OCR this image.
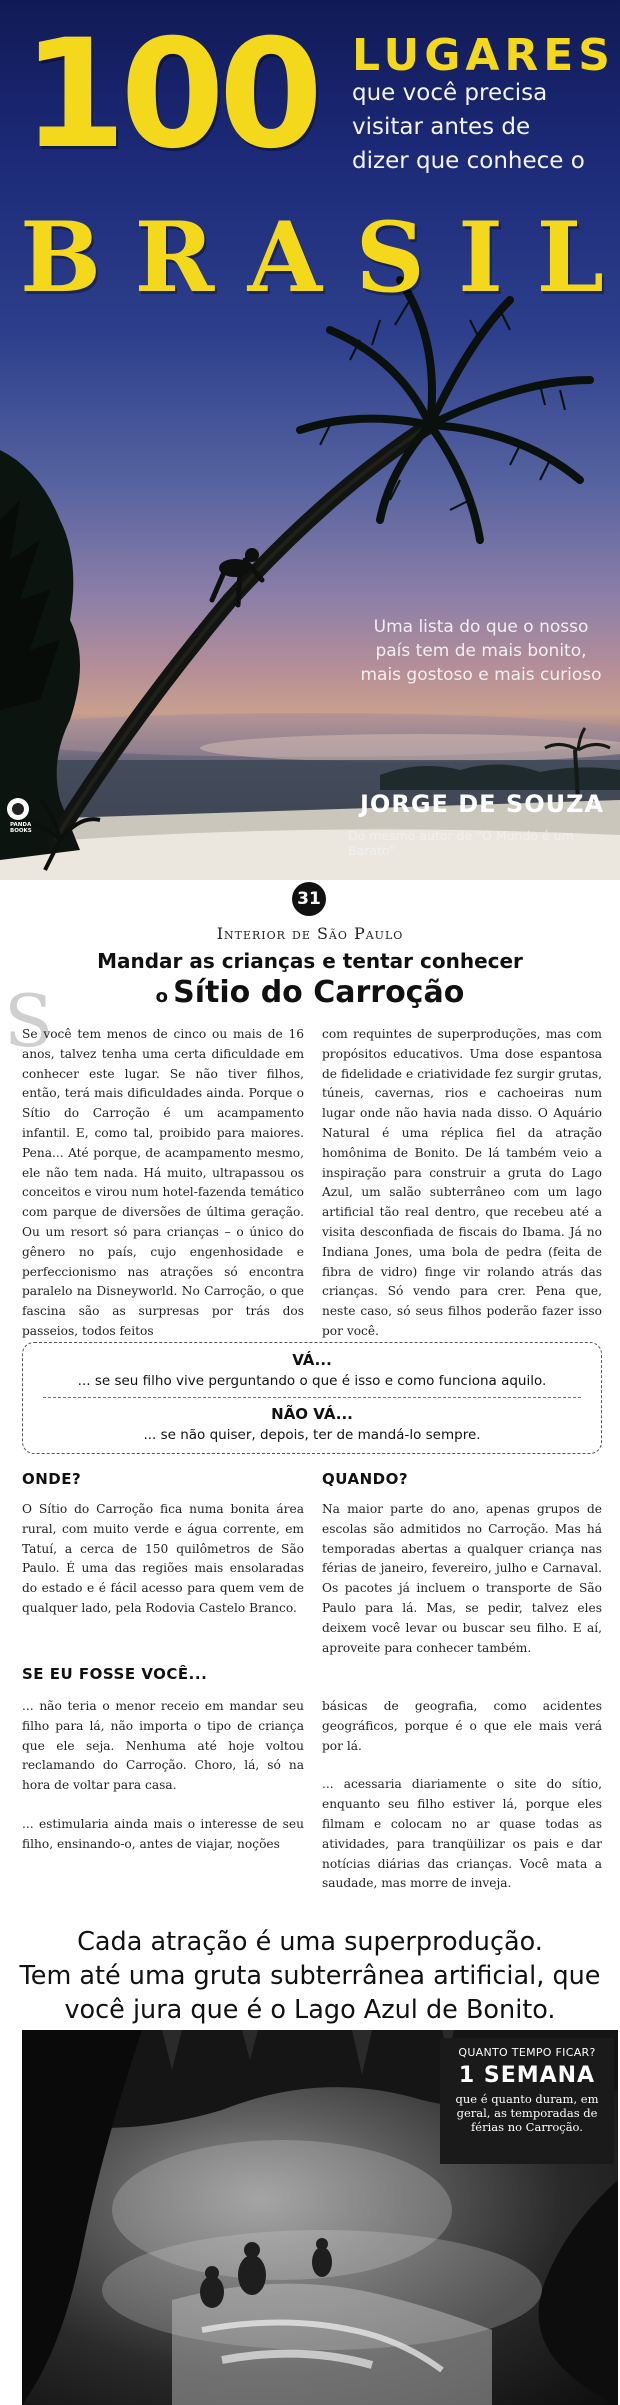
100 LUGARES
que você precisa
visitar antes de
dizer que conhece o
B R A S I L
Uma lista do que o nosso
país tem de mais bonito,
mais gostoso e mais curioso
JORGE DE SOUZA
Do mesmo autor de "O Mundo é um Barato"
PANDA BOOKS
31
Interior de São Paulo
Mandar as crianças e tentar conhecer
o Sítio do Carroção
S

Se você tem menos de cinco ou mais de 16 anos, talvez tenha uma certa dificuldade em conhecer este lugar. Se não tiver filhos, então, terá mais dificuldades ainda. Porque o Sítio do Carroção é um acampamento infantil. E, como tal, proibido para maiores. Pena... Até porque, de acampamento mesmo, ele não tem nada. Há muito, ultrapassou os conceitos e virou num hotel-fazenda temático com parque de diversões de última geração. Ou um resort só para crianças – o único do gênero no país, cujo engenhosidade e perfeccionismo nas atrações só encontra paralelo na Disneyworld. No Carroção, o que fascina são as surpresas por trás dos passeios, todos feitos

com requintes de superproduções, mas com propósitos educativos. Uma dose espantosa de fidelidade e criatividade fez surgir grutas, túneis, cavernas, rios e cachoeiras num lugar onde não havia nada disso. O Aquário Natural é uma réplica fiel da atração homônima de Bonito. De lá também veio a inspiração para construir a gruta do Lago Azul, um salão subterrâneo com um lago artificial tão real dentro, que recebeu até a visita desconfiada de fiscais do Ibama. Já no Indiana Jones, uma bola de pedra (feita de fibra de vidro) finge vir rolando atrás das crianças. Só vendo para crer. Pena que, neste caso, só seus filhos poderão fazer isso por você.

VÁ...
... se seu filho vive perguntando o que é isso e como funciona aquilo.
NÃO VÁ...
... se não quiser, depois, ter de mandá-lo sempre.
ONDE?

O Sítio do Carroção fica numa bonita área rural, com muito verde e água corrente, em Tatuí, a cerca de 150 quilômetros de São Paulo. É uma das regiões mais ensolaradas do estado e é fácil acesso para quem vem de qualquer lado, pela Rodovia Castelo Branco.

QUANDO?

Na maior parte do ano, apenas grupos de escolas são admitidos no Carroção. Mas há temporadas abertas a qualquer criança nas férias de janeiro, fevereiro, julho e Carnaval. Os pacotes já incluem o transporte de São Paulo para lá. Mas, se pedir, talvez eles deixem você levar ou buscar seu filho. E aí, aproveite para conhecer também.

SE EU FOSSE VOCÊ...

... não teria o menor receio em mandar seu filho para lá, não importa o tipo de criança que ele seja. Nenhuma até hoje voltou reclamando do Carroção. Choro, lá, só na hora de voltar para casa.

... estimularia ainda mais o interesse de seu filho, ensinando-o, antes de viajar, noções

básicas de geografia, como acidentes geográficos, porque é o que ele mais verá por lá.

... acessaria diariamente o site do sítio, enquanto seu filho estiver lá, porque eles filmam e colocam no ar quase todas as atividades, para tranqüilizar os pais e dar notícias diárias das crianças. Você mata a saudade, mas morre de inveja.

Cada atração é uma superprodução.
Tem até uma gruta subterrânea artificial, que
você jura que é o Lago Azul de Bonito.
QUANTO TEMPO FICAR?
1 SEMANA
que é quanto duram, em geral, as temporadas de férias no Carroção.
